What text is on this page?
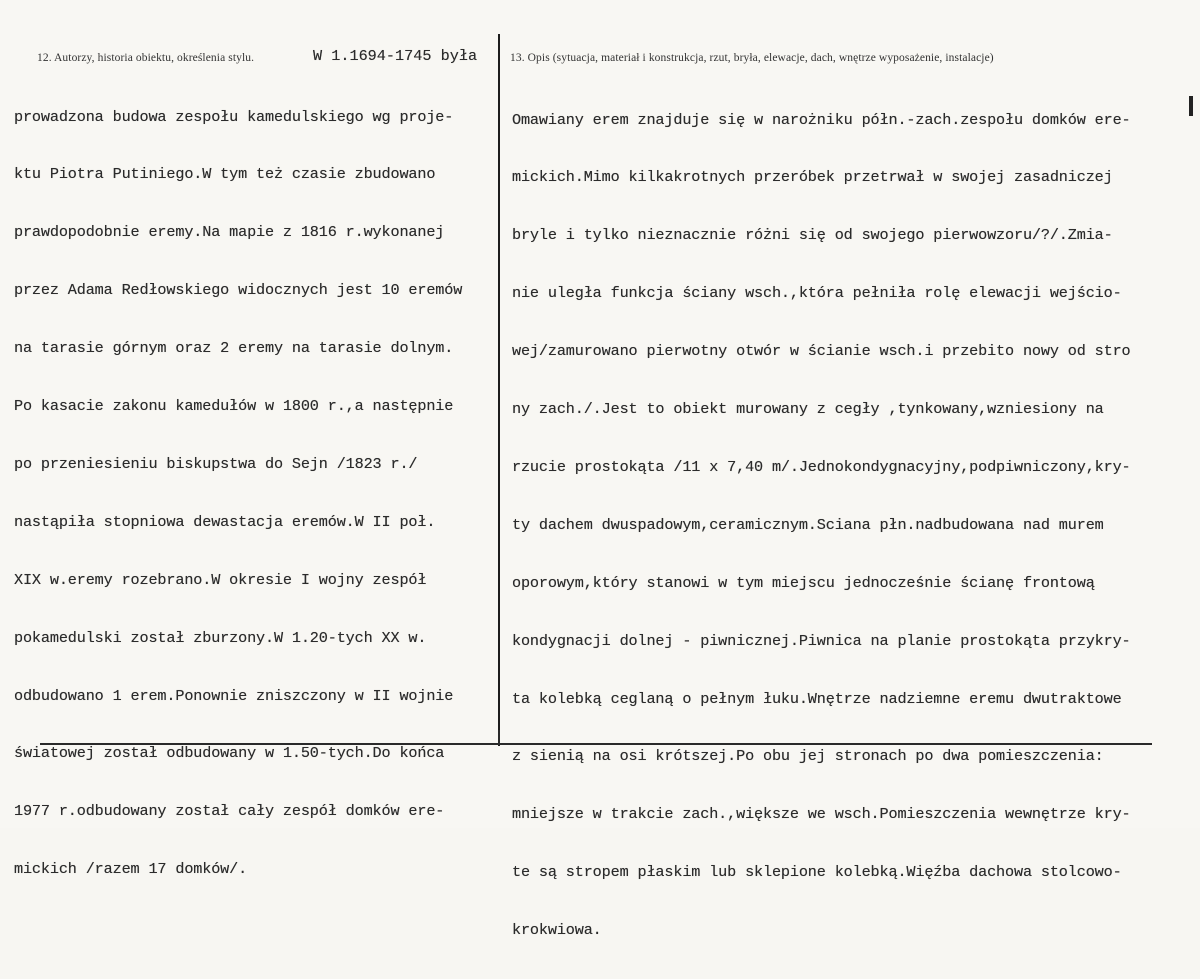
12. Autorzy, historia obiektu, określenia stylu.	W 1.1694-1745 była

prowadzona budowa zespołu kamedulskiego wg proje-

ktu Piotra Putiniego.W tym też czasie zbudowano

prawdopodobnie eremy.Na mapie z 1816 r.wykonanej

przez Adama Redłowskiego widocznych jest 10 eremów

na tarasie górnym oraz 2 eremy na tarasie dolnym.

Po kasacie zakonu kamedułów w 1800 r.,a następnie

po przeniesieniu biskupstwa do Sejn /1823 r./

nastąpiła stopniowa dewastacja eremów.W II poł.

XIX w.eremy rozebrano.W okresie I wojny zespół

pokamedulski został zburzony.W 1.20-tych XX w.

odbudowano 1 erem.Ponownie zniszczony w II wojnie

światowej został odbudowany w 1.50-tych.Do końca

1977 r.odbudowany został cały zespół domków ere-

mickich /razem 17 domków/.

13. Opis (sytuacja, materiał i konstrukcja, rzut, bryła, elewacje, dach, wnętrze wyposażenie, instalacje)

Omawiany erem znajduje się w narożniku półn.-zach.zespołu domków ere-

mickich.Mimo kilkakrotnych przeróbek przetrwał w swojej zasadniczej

bryle i tylko nieznacznie różni się od swojego pierwowzoru/?/.Zmia-

nie uległa funkcja ściany wsch.,która pełniła rolę elewacji wejścio-

wej/zamurowano pierwotny otwór w ścianie wsch.i przebito nowy od stro

ny zach./.Jest to obiekt murowany z cegły ,tynkowany,wzniesiony na

rzucie prostokąta /11 x 7,40 m/.Jednokondygnacyjny,podpiwniczony,kry-

ty dachem dwuspadowym,ceramicznym.Sciana płn.nadbudowana nad murem

oporowym,który stanowi w tym miejscu jednocześnie ścianę frontową

kondygnacji dolnej - piwnicznej.Piwnica na planie prostokąta przykry-

ta kolebką ceglaną o pełnym łuku.Wnętrze nadziemne eremu dwutraktowe

z sienią na osi krótszej.Po obu jej stronach po dwa pomieszczenia:

mniejsze w trakcie zach.,większe we wsch.Pomieszczenia wewnętrze kry-

te są stropem płaskim lub sklepione kolebką.Więźba dachowa stolcowo-

krokwiowa.
